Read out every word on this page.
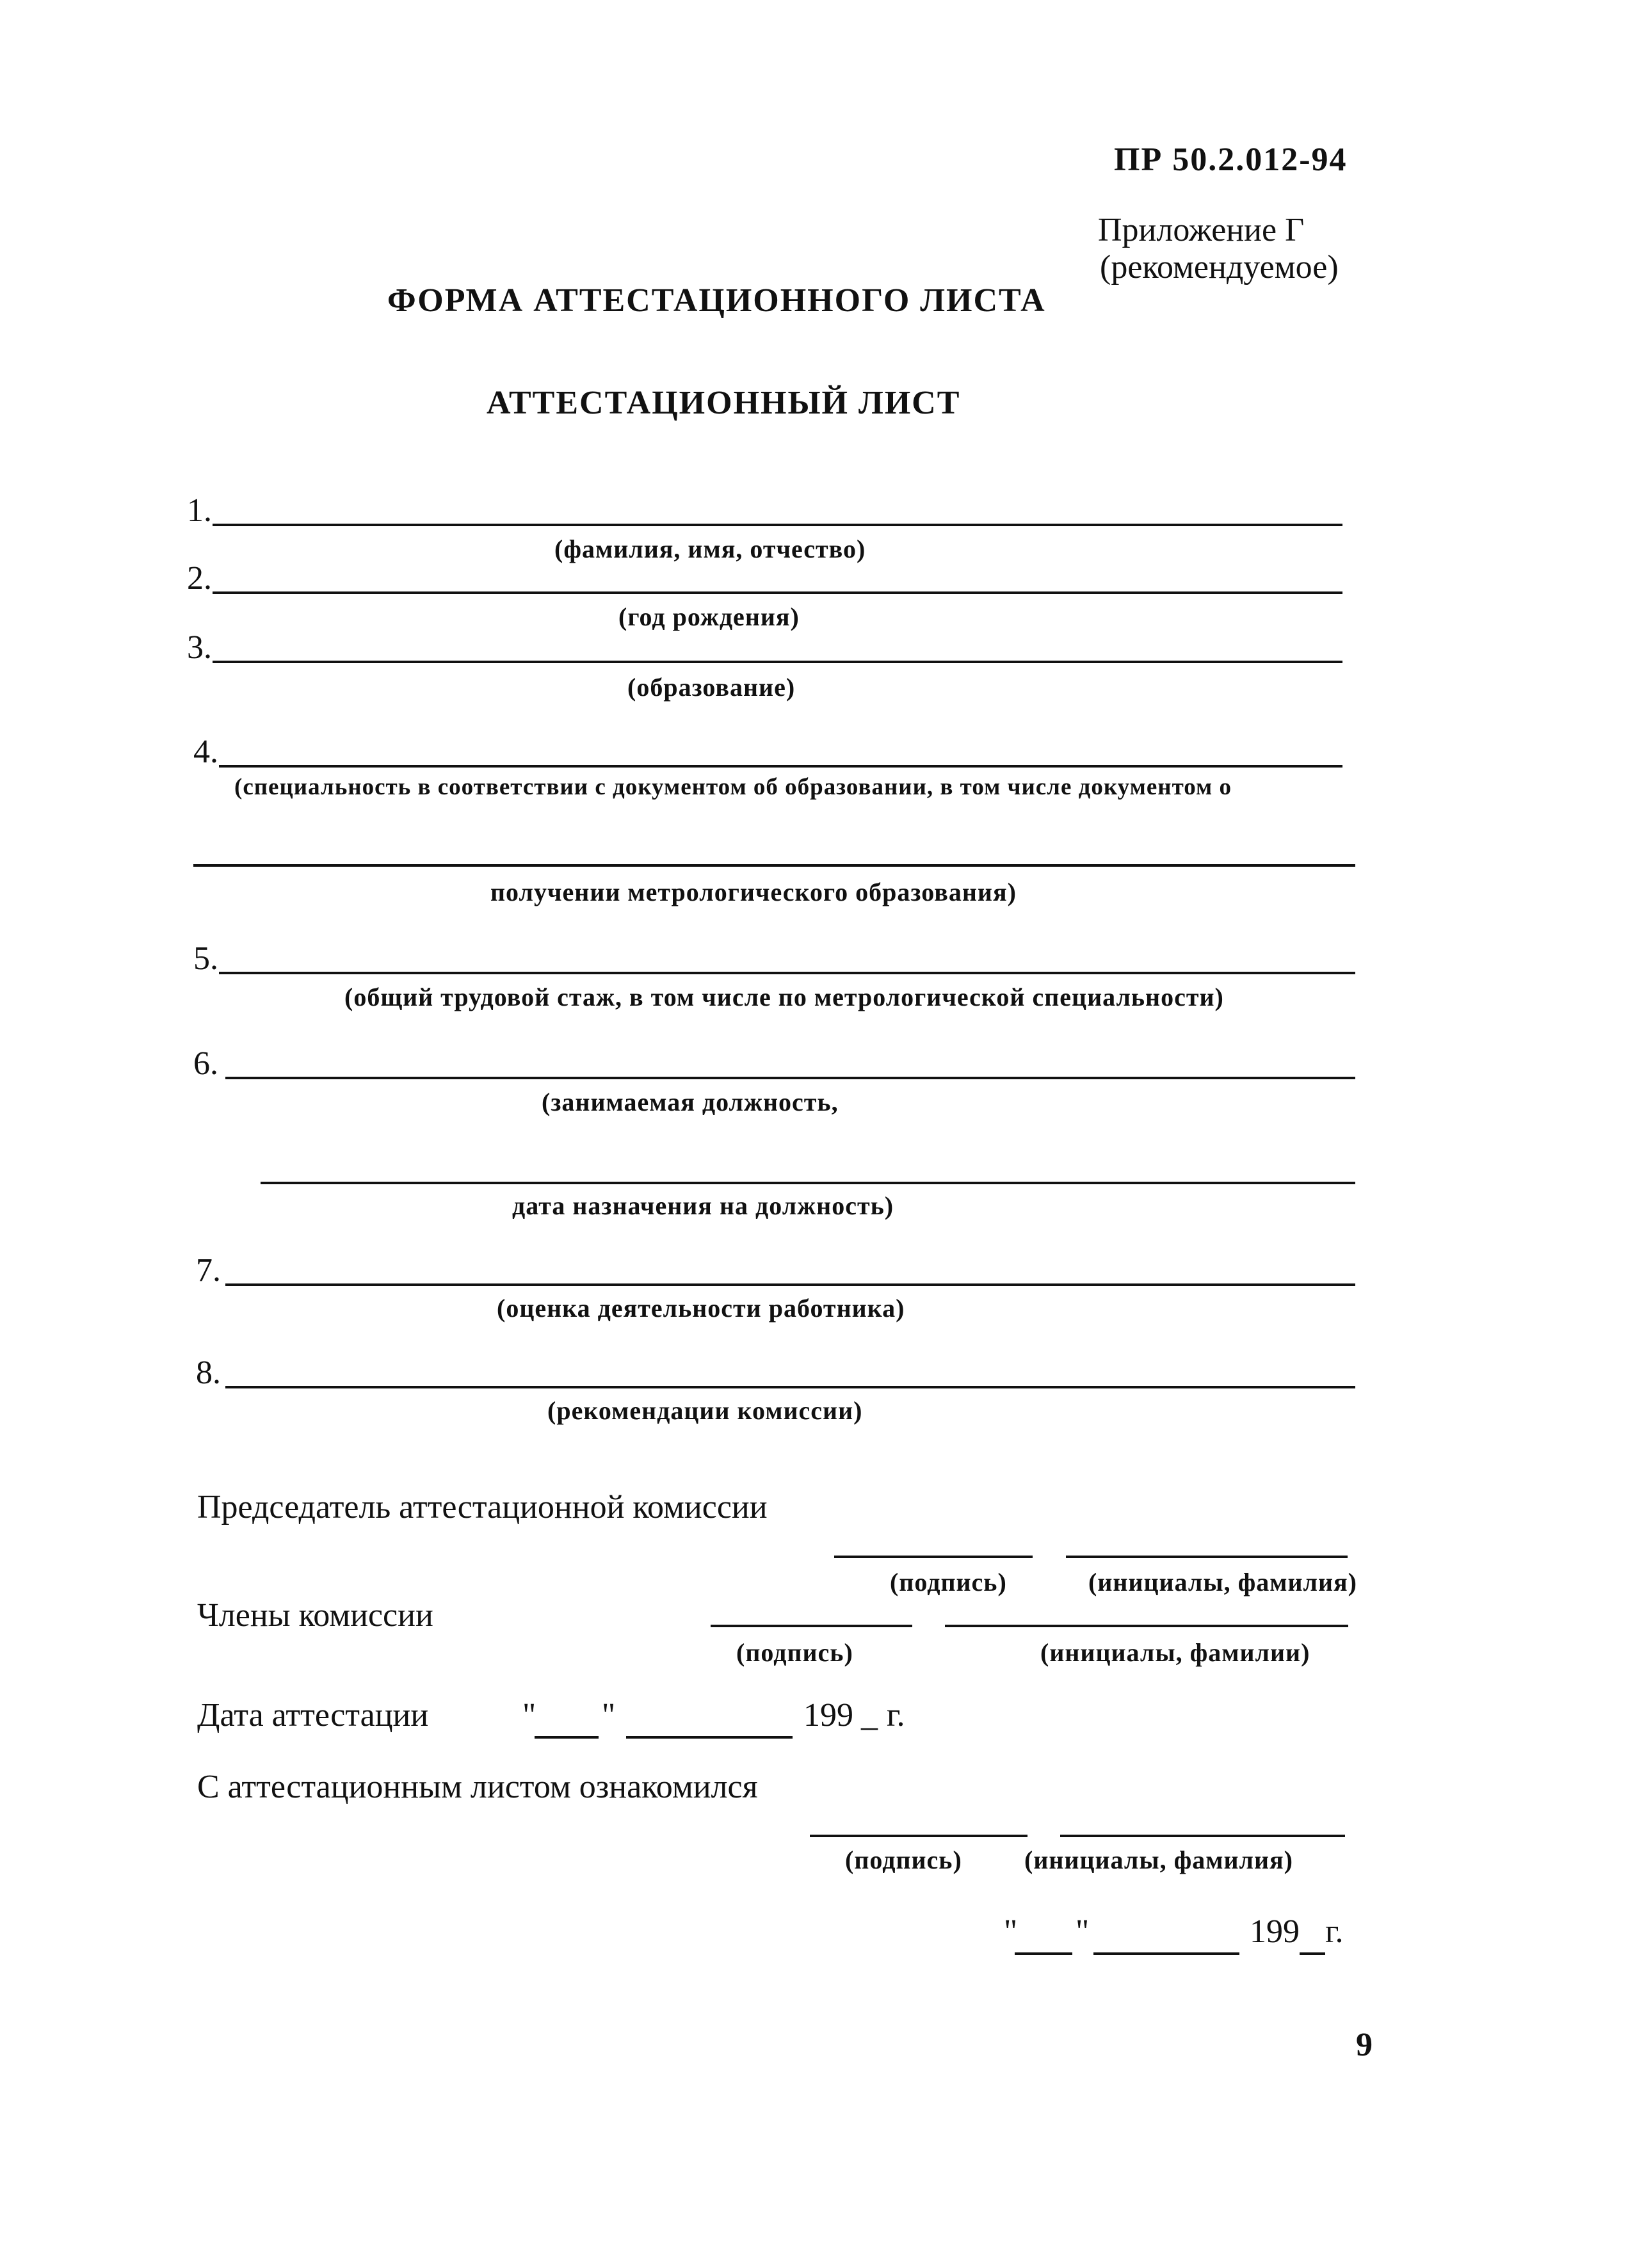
ПР 50.2.012-94
Приложение Г
(рекомендуемое)
ФОРМА АТТЕСТАЦИОННОГО ЛИСТА
АТТЕСТАЦИОННЫЙ ЛИСТ
1.
(фамилия, имя, отчество)
2.
(год рождения)
3.
(образование)
4.
(специальность в соответствии с документом об образовании, в том числе документом о
получении метрологического образования)
5.
(общий трудовой стаж, в том числе по метрологической специальности)
6.
(занимаемая должность,
дата назначения на должность)
7.
(оценка деятельности работника)
8.
(рекомендации комиссии)
Председатель аттестационной комиссии
(подпись)	(инициалы, фамилия)
Члены комиссии
(подпись)	(инициалы, фамилии)
Дата аттестации	" "	199 _ г.
С аттестационным листом ознакомился
(подпись) (инициалы, фамилия)
" "	199 г.
9
